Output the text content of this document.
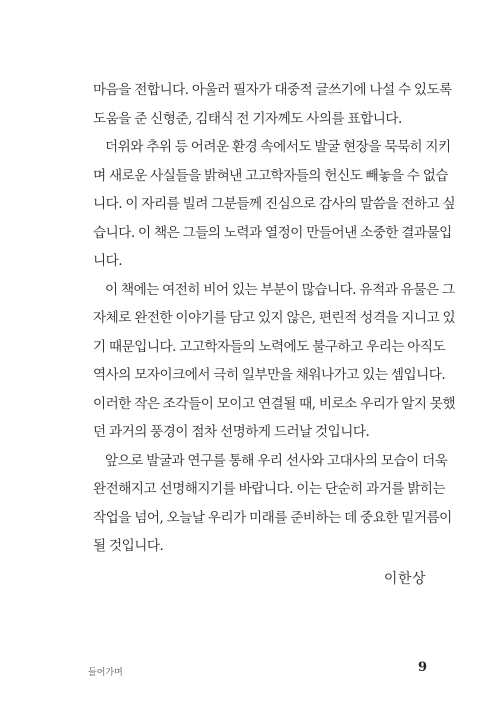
마음을 전합니다. 아울러 필자가 대중적 글쓰기에 나설 수 있도록
도움을 준 신형준, 김태식 전 기자께도 사의를 표합니다.

더위와 추위 등 어려운 환경 속에서도 발굴 현장을 묵묵히 지키
며 새로운 사실들을 밝혀낸 고고학자들의 헌신도 빼놓을 수 없습
니다. 이 자리를 빌려 그분들께 진심으로 감사의 말씀을 전하고 싶
습니다. 이 책은 그들의 노력과 열정이 만들어낸 소중한 결과물입
니다.

이 책에는 여전히 비어 있는 부분이 많습니다. 유적과 유물은 그
자체로 완전한 이야기를 담고 있지 않은, 편린적 성격을 지니고 있
기 때문입니다. 고고학자들의 노력에도 불구하고 우리는 아직도
역사의 모자이크에서 극히 일부만을 채워나가고 있는 셈입니다.
이러한 작은 조각들이 모이고 연결될 때, 비로소 우리가 알지 못했
던 과거의 풍경이 점차 선명하게 드러날 것입니다.

앞으로 발굴과 연구를 통해 우리 선사와 고대사의 모습이 더욱
완전해지고 선명해지기를 바랍니다. 이는 단순히 과거를 밝히는
작업을 넘어, 오늘날 우리가 미래를 준비하는 데 중요한 밑거름이
될 것입니다.

이한상

들어가며	9
